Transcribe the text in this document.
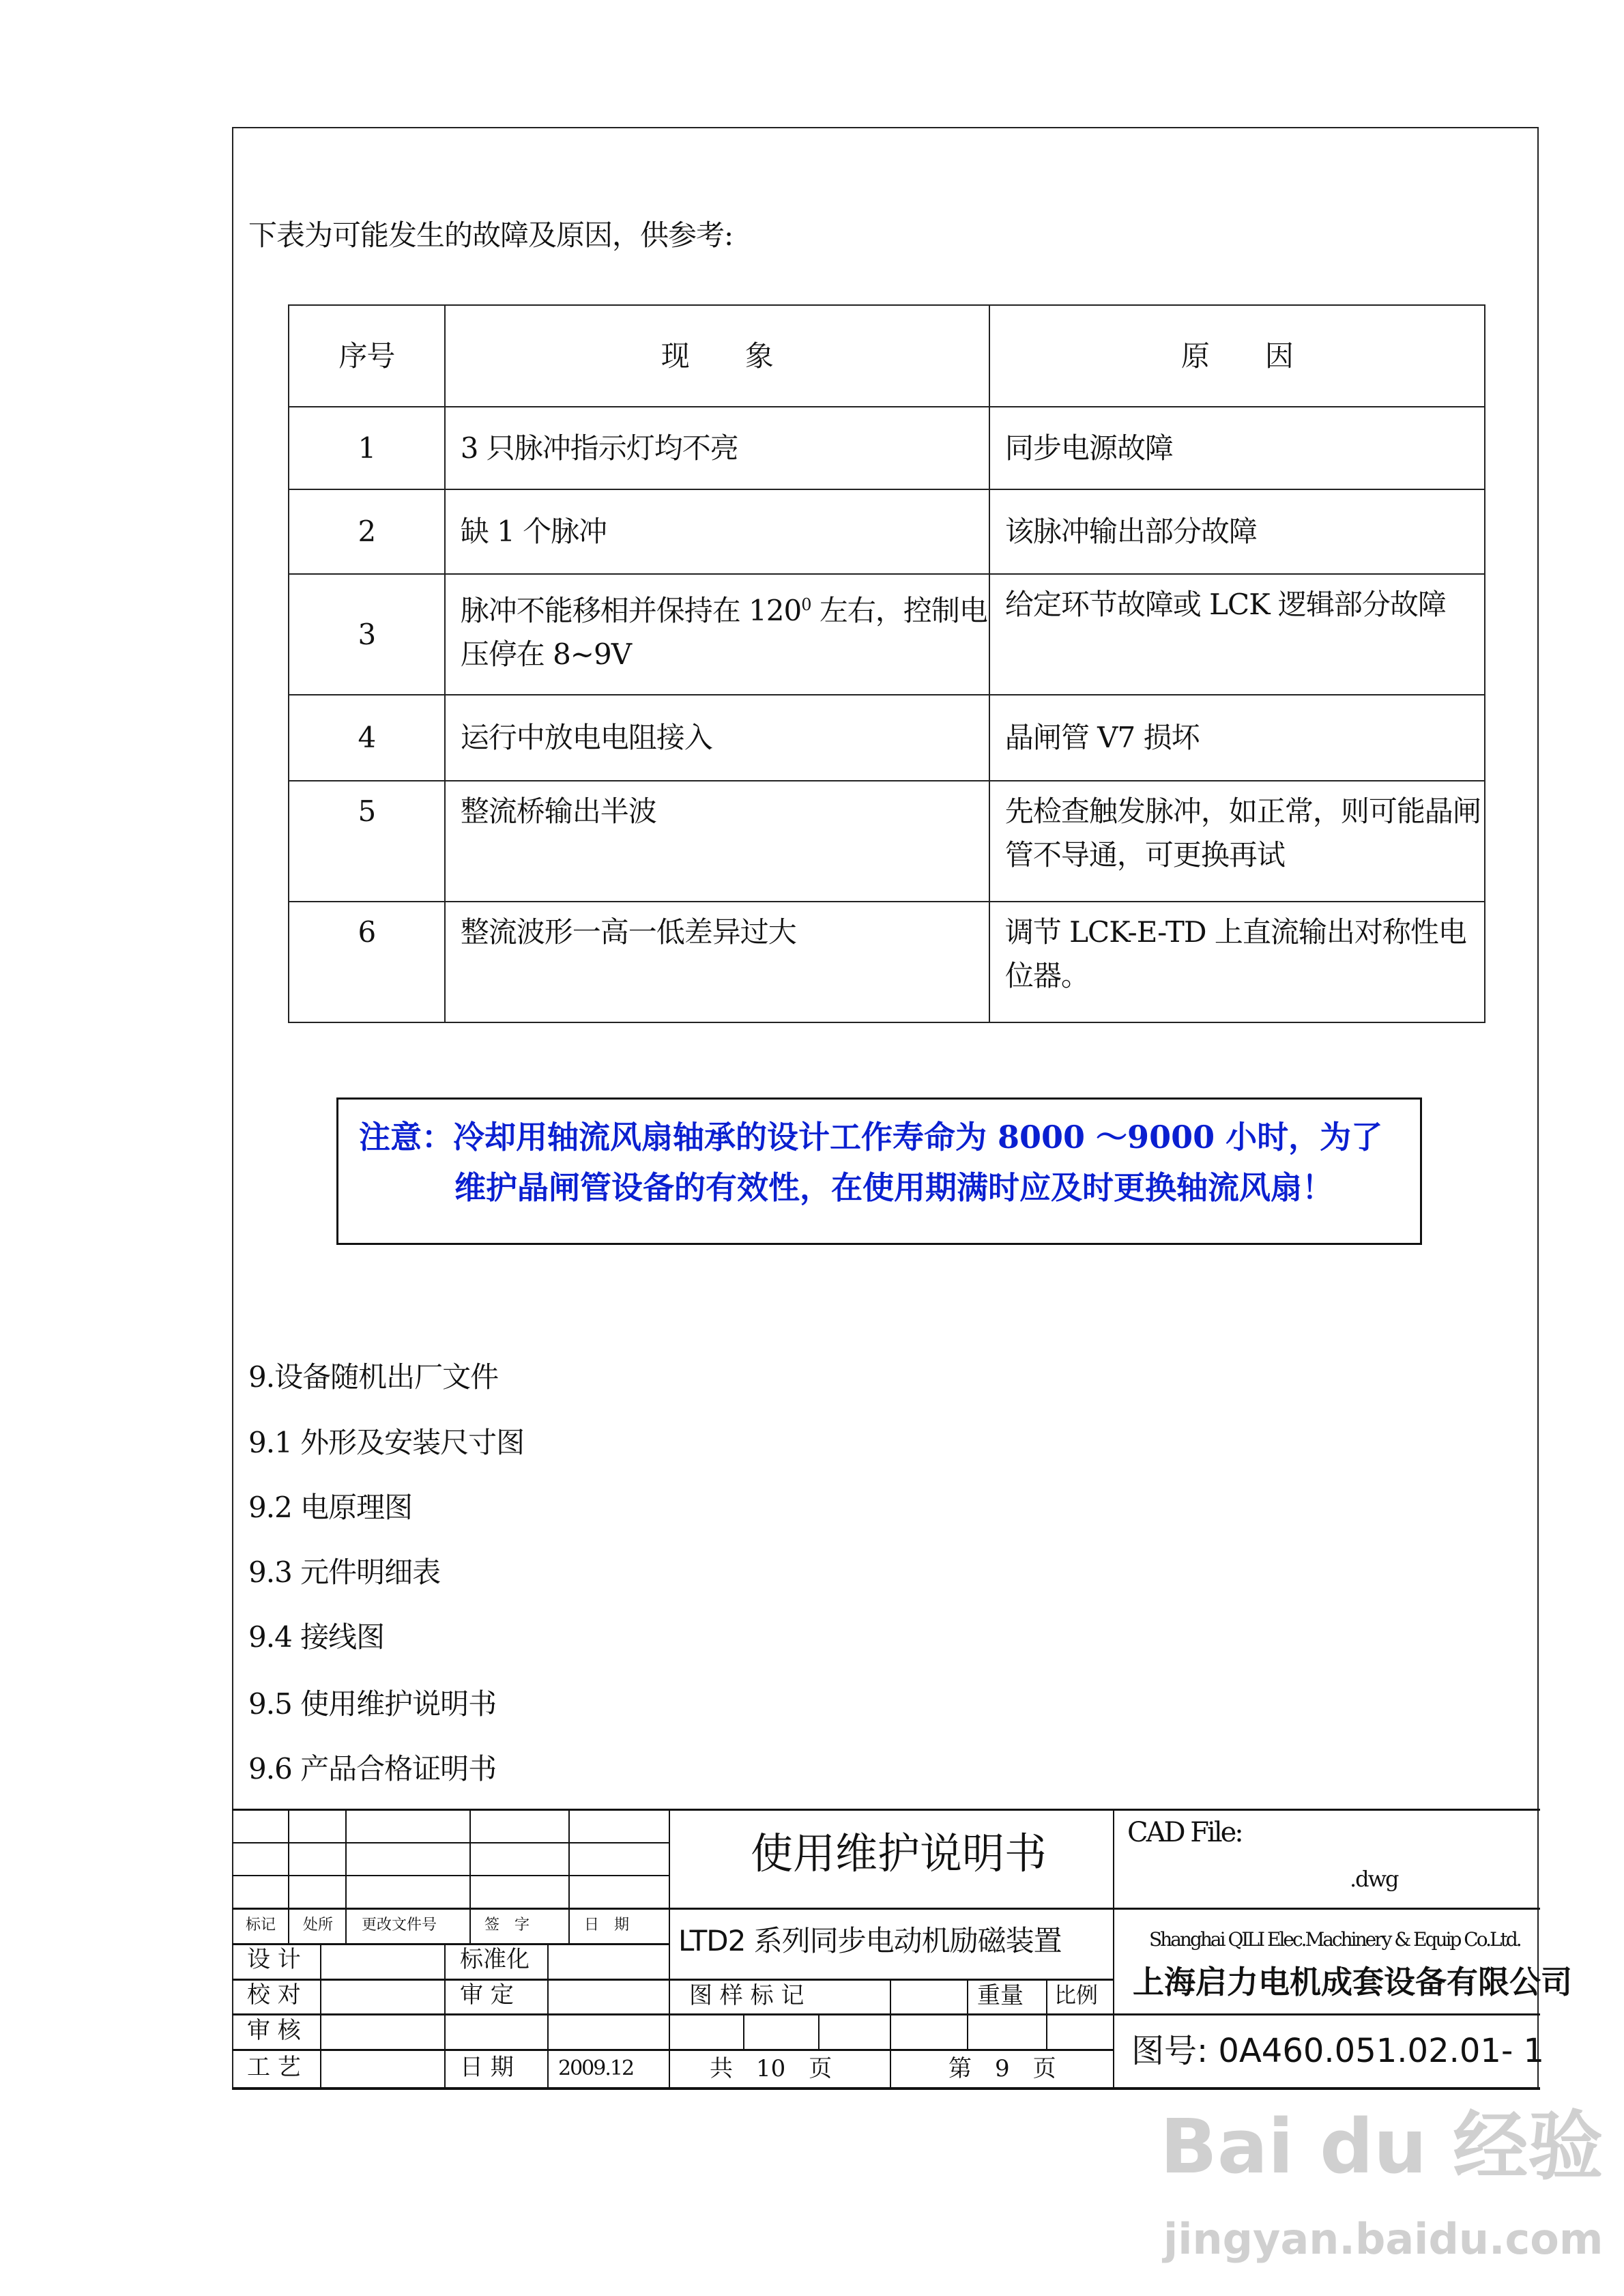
下表为可能发生的故障及原因，供参考:
序号	现　　象	原　　因
1	3 只脉冲指示灯均不亮	同步电源故障
2	缺 1 个脉冲	该脉冲输出部分故障
3	脉冲不能移相并保持在 $120^0$ 左右，控制电压停在 8~9V	给定环节故障或 LCK 逻辑部分故障
4	运行中放电电阻接入	晶闸管 V7 损坏
5	整流桥输出半波	先检查触发脉冲，如正常，则可能晶闸管不导通，可更换再试
6	整流波形一高一低差异过大	调节 LCK-E-TD 上直流输出对称性电位器。
注意：冷却用轴流风扇轴承的设计工作寿命为 8000 ～9000 小时，为了
维护晶闸管设备的有效性，在使用期满时应及时更换轴流风扇！
9.设备随机出厂文件
9.1 外形及安装尺寸图
9.2 电原理图
9.3 元件明细表
9.4 接线图
9.5 使用维护说明书
9.6 产品合格证明书
标记 处所 更改文件号	签　字	日　期
设 计	标准化
校 对	审 定
审 核
工 艺	日 期 2009.12
使用维护说明书
LTD2 系列同步电动机励磁装置
图 样 标 记	重量 比例
共　10　页	第　9　页
CAD File:
.dwg
Shanghai QILI Elec.Machinery & Equip Co.Ltd.
上海启力电机成套设备有限公司
图号: 0A460.051.02.01- 1
Bai du 经验
jingyan.baidu.com
